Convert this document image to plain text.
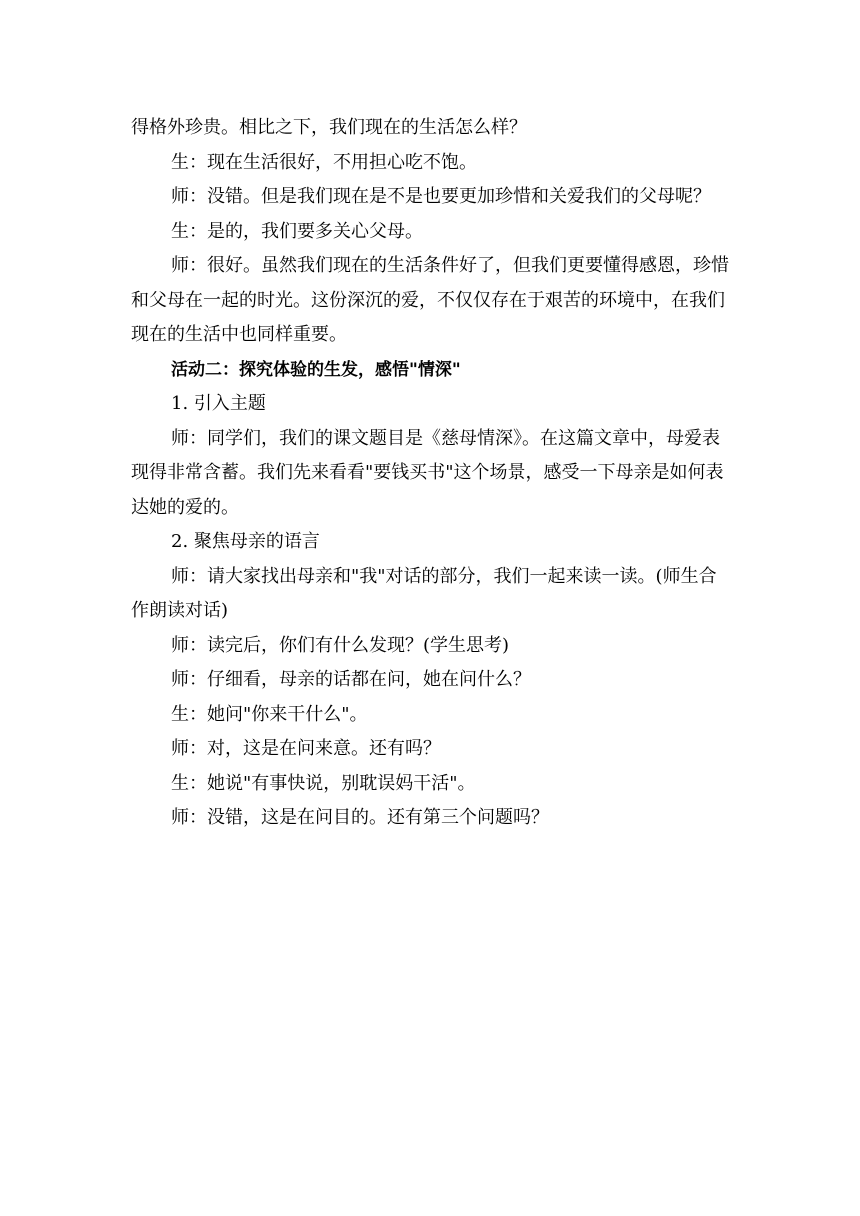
得格外珍贵。相比之下，我们现在的生活怎么样？

生：现在生活很好，不用担心吃不饱。

师：没错。但是我们现在是不是也要更加珍惜和关爱我们的父母呢？

生：是的，我们要多关心父母。

师：很好。虽然我们现在的生活条件好了，但我们更要懂得感恩，珍惜和父母在一起的时光。这份深沉的爱，不仅仅存在于艰苦的环境中，在我们现在的生活中也同样重要。

活动二：探究体验的生发，感悟"情深"

1. 引入主题

师：同学们，我们的课文题目是《慈母情深》。在这篇文章中，母爱表现得非常含蓄。我们先来看看"要钱买书"这个场景，感受一下母亲是如何表达她的爱的。

2. 聚焦母亲的语言

师：请大家找出母亲和"我"对话的部分，我们一起来读一读。(师生合作朗读对话)

师：读完后，你们有什么发现？(学生思考)

师：仔细看，母亲的话都在问，她在问什么？

生：她问"你来干什么"。

师：对，这是在问来意。还有吗？

生：她说"有事快说，别耽误妈干活"。

师：没错，这是在问目的。还有第三个问题吗？
